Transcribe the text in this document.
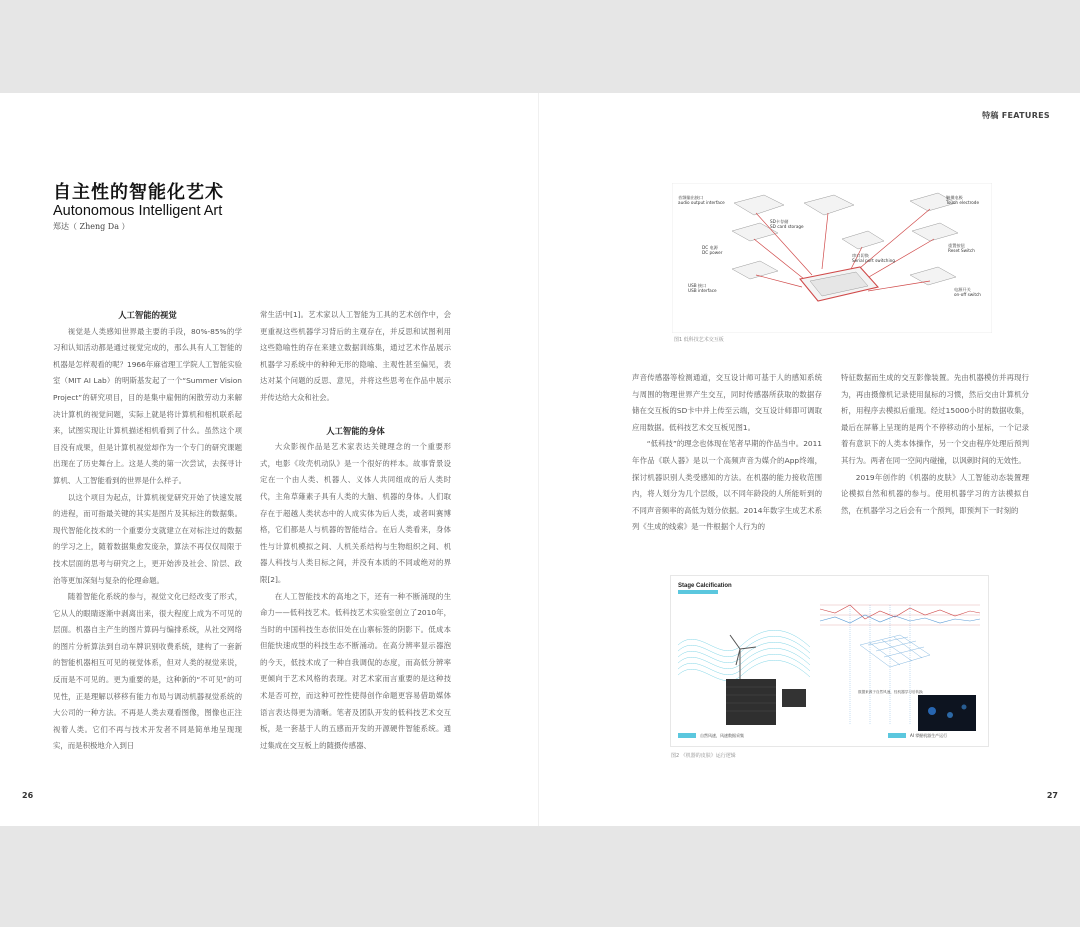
特稿 FEATURES
自主性的智能化艺术
Autonomous Intelligent Art
郑达（ Zheng Da ）
人工智能的视觉

视觉是人类感知世界最主要的手段，80%-85%的学习和认知活动都是通过视觉完成的，那么具有人工智能的机器是怎样观看的呢？1966年麻省理工学院人工智能实验室（MIT AI Lab）的明斯基发起了一个“Summer Vision Project”的研究项目，目的是集中雇佣的闲散劳动力来解决计算机的视觉问题，实际上就是将计算机和相机联系起来，试图实现让计算机描述相机看到了什么。虽然这个项目没有成果，但是计算机视觉却作为一个专门的研究课题出现在了历史舞台上。这是人类的第一次尝试，去探寻计算机、人工智能看到的世界是什么样子。

以这个项目为起点，计算机视觉研究开始了快速发展的进程，而可指最关键的其实是图片及其标注的数据集。现代智能化技术的一个重要分支就建立在对标注过的数据的学习之上，随着数据集愈发庞杂，算法不再仅仅局限于技术层面的思考与研究之上，更开始涉及社会、阶层、政治等更加深刻与复杂的伦理命题。

随着智能化系统的参与，视觉文化已经改变了形式，它从人的眼睛逐渐中剥离出来，很大程度上成为不可见的层面。机器自主产生的图片算码与编排系统，从社交网络的图片分析算法到自动车牌识别收费系统，建构了一套新的智能机器相互可见的视觉体系，但对人类的视觉来说，反而是不可见的。更为重要的是，这种新的“不可见”的可见性，正是理解以移移有能力布局与调动机器视觉系统的大公司的一种方法。不再是人类去观看图像，图像也正注视着人类。它们不再与技术开发者不同是简单地呈现现实，而是积极地介入到日

常生活中[1]。艺术家以人工智能为工具的艺术创作中，会更重视这些机器学习背后的主观存在，并反思和试图利用这些隐喻性的存在来建立数据训练集，通过艺术作品展示机器学习系统中的种种无形的隐喻、主观性甚至偏见，表达对某个问题的反思、意见，并将这些思考在作品中展示并传达给大众和社会。

人工智能的身体

大众影视作品是艺术家表达关键理念的一个重要形式，电影《攻壳机动队》是一个很好的样本。故事背景设定在一个由人类、机器人、义体人共同组成的后人类时代，主角草薙素子具有人类的大脑、机器的身体。人们取存在于超越人类状态中的人成实体为后人类，或者叫赛博格，它们都是人与机器的智能结合。在后人类看来，身体性与计算机模拟之间、人机关系结构与生物组织之间、机器人科技与人类目标之间，并没有本质的不同或绝对的界限[2]。

在人工智能技术的高地之下，还有一种不断涌现的生命力——低科技艺术。低科技艺术实验室创立了2010年，当时的中国科技生态依旧处在山寨标签的阴影下。低成本但能快速成型的科技生态不断涌动。在高分辨率显示器泡的今天，低技术成了一种自我调侃的态度，而高低分辨率更倾向于艺术风格的表现。对艺术家而言重要的是这种技术是否可控，而这种可控性使得创作命题更容易借助媒体语言表达得更为清晰。笔者及团队开发的低科技艺术交互板，是一套基于人的五感而开发的开源硬件智能系统。通过集成在交互板上的随摄传感器、

声音传感器等检测通道，交互设计师可基于人的感知系统与周围的物理世界产生交互，同时传感器所获取的数据存储在交互板的SD卡中并上传至云端，交互设计师即可调取应用数据。低科技艺术交互板见图1。

“低科技”的理念也体现在笔者早期的作品当中。2011年作品《联人器》是以一个高频声音为媒介的App终端，探讨机器识别人类受感知的方法。在机器的能力接收范围内，将人划分为几个层级，以不同年龄段的人所能听到的不同声音频率的高低为划分依据。2014年数字生成艺术系列《生成的线索》是一件根据个人行为的

特征数据而生成的交互影像装置。先由机器模仿并再现行为，再由摄像机记录使用鼠标的习惯，然后交由计算机分析，用程序去模拟后重现。经过15000小时的数据收集，最后在屏幕上呈现的是两个不停移动的小星标，一个记录着有意识下的人类本体操作，另一个交由程序处理后预判其行为。两者在同一空间内碰撞，以讽刺时间的无效性。

2019年创作的《机器的皮肤》人工智能动态装置理论模拟自然和机器的参与。使用机器学习的方法模拟自然，在机器学习之后会有一个预判，即预判下一时刻的

音频输出接口
audio output interface
SD卡存储
SD card storage
DC 电源
DC power
USB 接口
USB interface
串口切换
Serial port switching
触摸电极
Touch electrode
重置按钮
Reset Switch
电源开关
on-off switch
图1 低科技艺术交互板
Stage Calcification
数据来源于自然风速，经机器学习后转换
自然风速，风速数据采集	AI 掌握机器生产运行
图2 《机器的皮肤》运行逻辑
26	27
